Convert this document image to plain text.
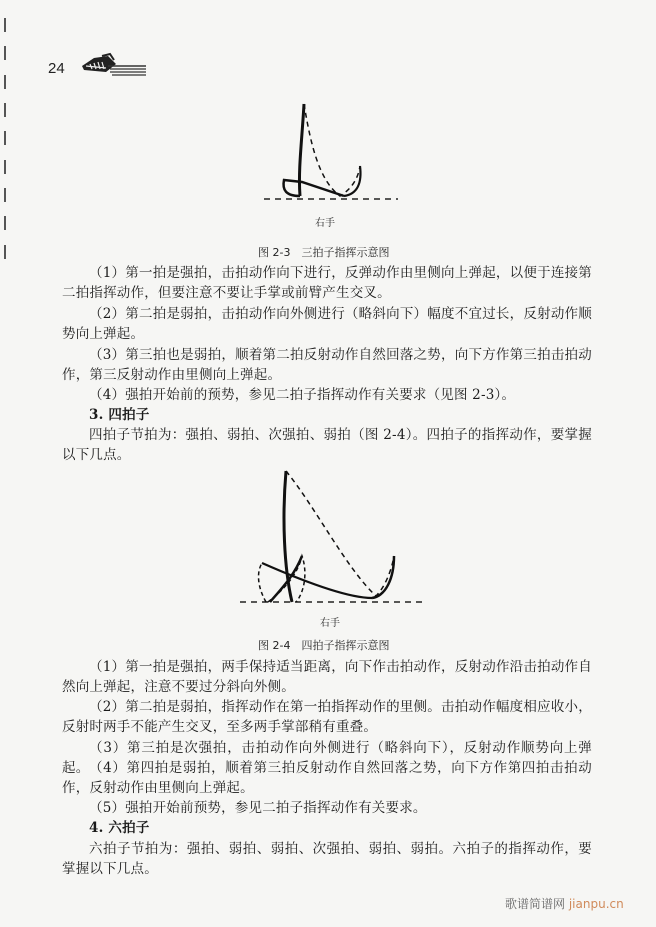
24
右手
图 2-3　三拍子指挥示意图
（1）第一拍是强拍，击拍动作向下进行，反弹动作由里侧向上弹起，以便于连接第二拍指挥动作，但要注意不要让手掌或前臂产生交叉。
（2）第二拍是弱拍，击拍动作向外侧进行（略斜向下）幅度不宜过长，反射动作顺势向上弹起。
（3）第三拍也是弱拍，顺着第二拍反射动作自然回落之势，向下方作第三拍击拍动作，第三反射动作由里侧向上弹起。
（4）强拍开始前的预势，参见二拍子指挥动作有关要求（见图 2-3）。
3. 四拍子
四拍子节拍为：强拍、弱拍、次强拍、弱拍（图 2-4）。四拍子的指挥动作，要掌握以下几点。
右手
图 2-4　四拍子指挥示意图
（1）第一拍是强拍，两手保持适当距离，向下作击拍动作，反射动作沿击拍动作自然向上弹起，注意不要过分斜向外侧。
（2）第二拍是弱拍，指挥动作在第一拍指挥动作的里侧。击拍动作幅度相应收小，反射时两手不能产生交叉，至多两手掌部稍有重叠。
（3）第三拍是次强拍，击拍动作向外侧进行（略斜向下），反射动作顺势向上弹起。 （4）第四拍是弱拍，顺着第三拍反射动作自然回落之势，向下方作第四拍击拍动作，反射动作由里侧向上弹起。
（5）强拍开始前预势，参见二拍子指挥动作有关要求。
4. 六拍子
六拍子节拍为：强拍、弱拍、弱拍、次强拍、弱拍、弱拍。六拍子的指挥动作，要掌握以下几点。
歌谱简谱网 jianpu.cn
